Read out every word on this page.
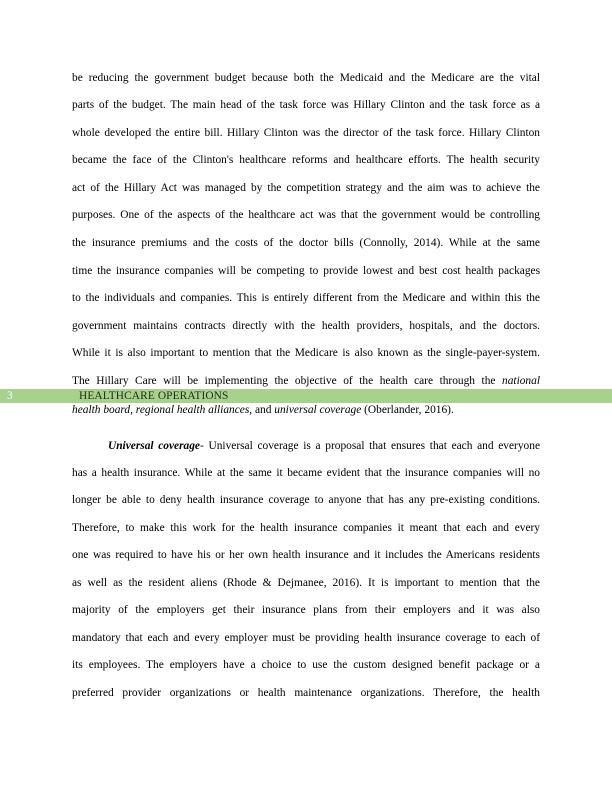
be reducing the government budget because both the Medicaid and the Medicare are the vital
parts of the budget. The main head of the task force was Hillary Clinton and the task force as a
whole developed the entire bill. Hillary Clinton was the director of the task force. Hillary Clinton
became the face of the Clinton's healthcare reforms and healthcare efforts. The health security
act of the Hillary Act was managed by the competition strategy and the aim was to achieve the
purposes. One of the aspects of the healthcare act was that the government would be controlling
the insurance premiums and the costs of the doctor bills (Connolly, 2014). While at the same
time the insurance companies will be competing to provide lowest and best cost health packages
to the individuals and companies. This is entirely different from the Medicare and within this the
government maintains contracts directly with the health providers, hospitals, and the doctors.
While it is also important to mention that the Medicare is also known as the single-payer-system.
The Hillary Care will be implementing the objective of the health care through the national
3	HEALTHCARE OPERATIONS
health board, regional health alliances, and universal coverage (Oberlander, 2016).
Universal coverage- Universal coverage is a proposal that ensures that each and everyone
has a health insurance. While at the same it became evident that the insurance companies will no
longer be able to deny health insurance coverage to anyone that has any pre-existing conditions.
Therefore, to make this work for the health insurance companies it meant that each and every
one was required to have his or her own health insurance and it includes the Americans residents
as well as the resident aliens (Rhode & Dejmanee, 2016). It is important to mention that the
majority of the employers get their insurance plans from their employers and it was also
mandatory that each and every employer must be providing health insurance coverage to each of
its employees. The employers have a choice to use the custom designed benefit package or a
preferred provider organizations or health maintenance organizations. Therefore, the health
